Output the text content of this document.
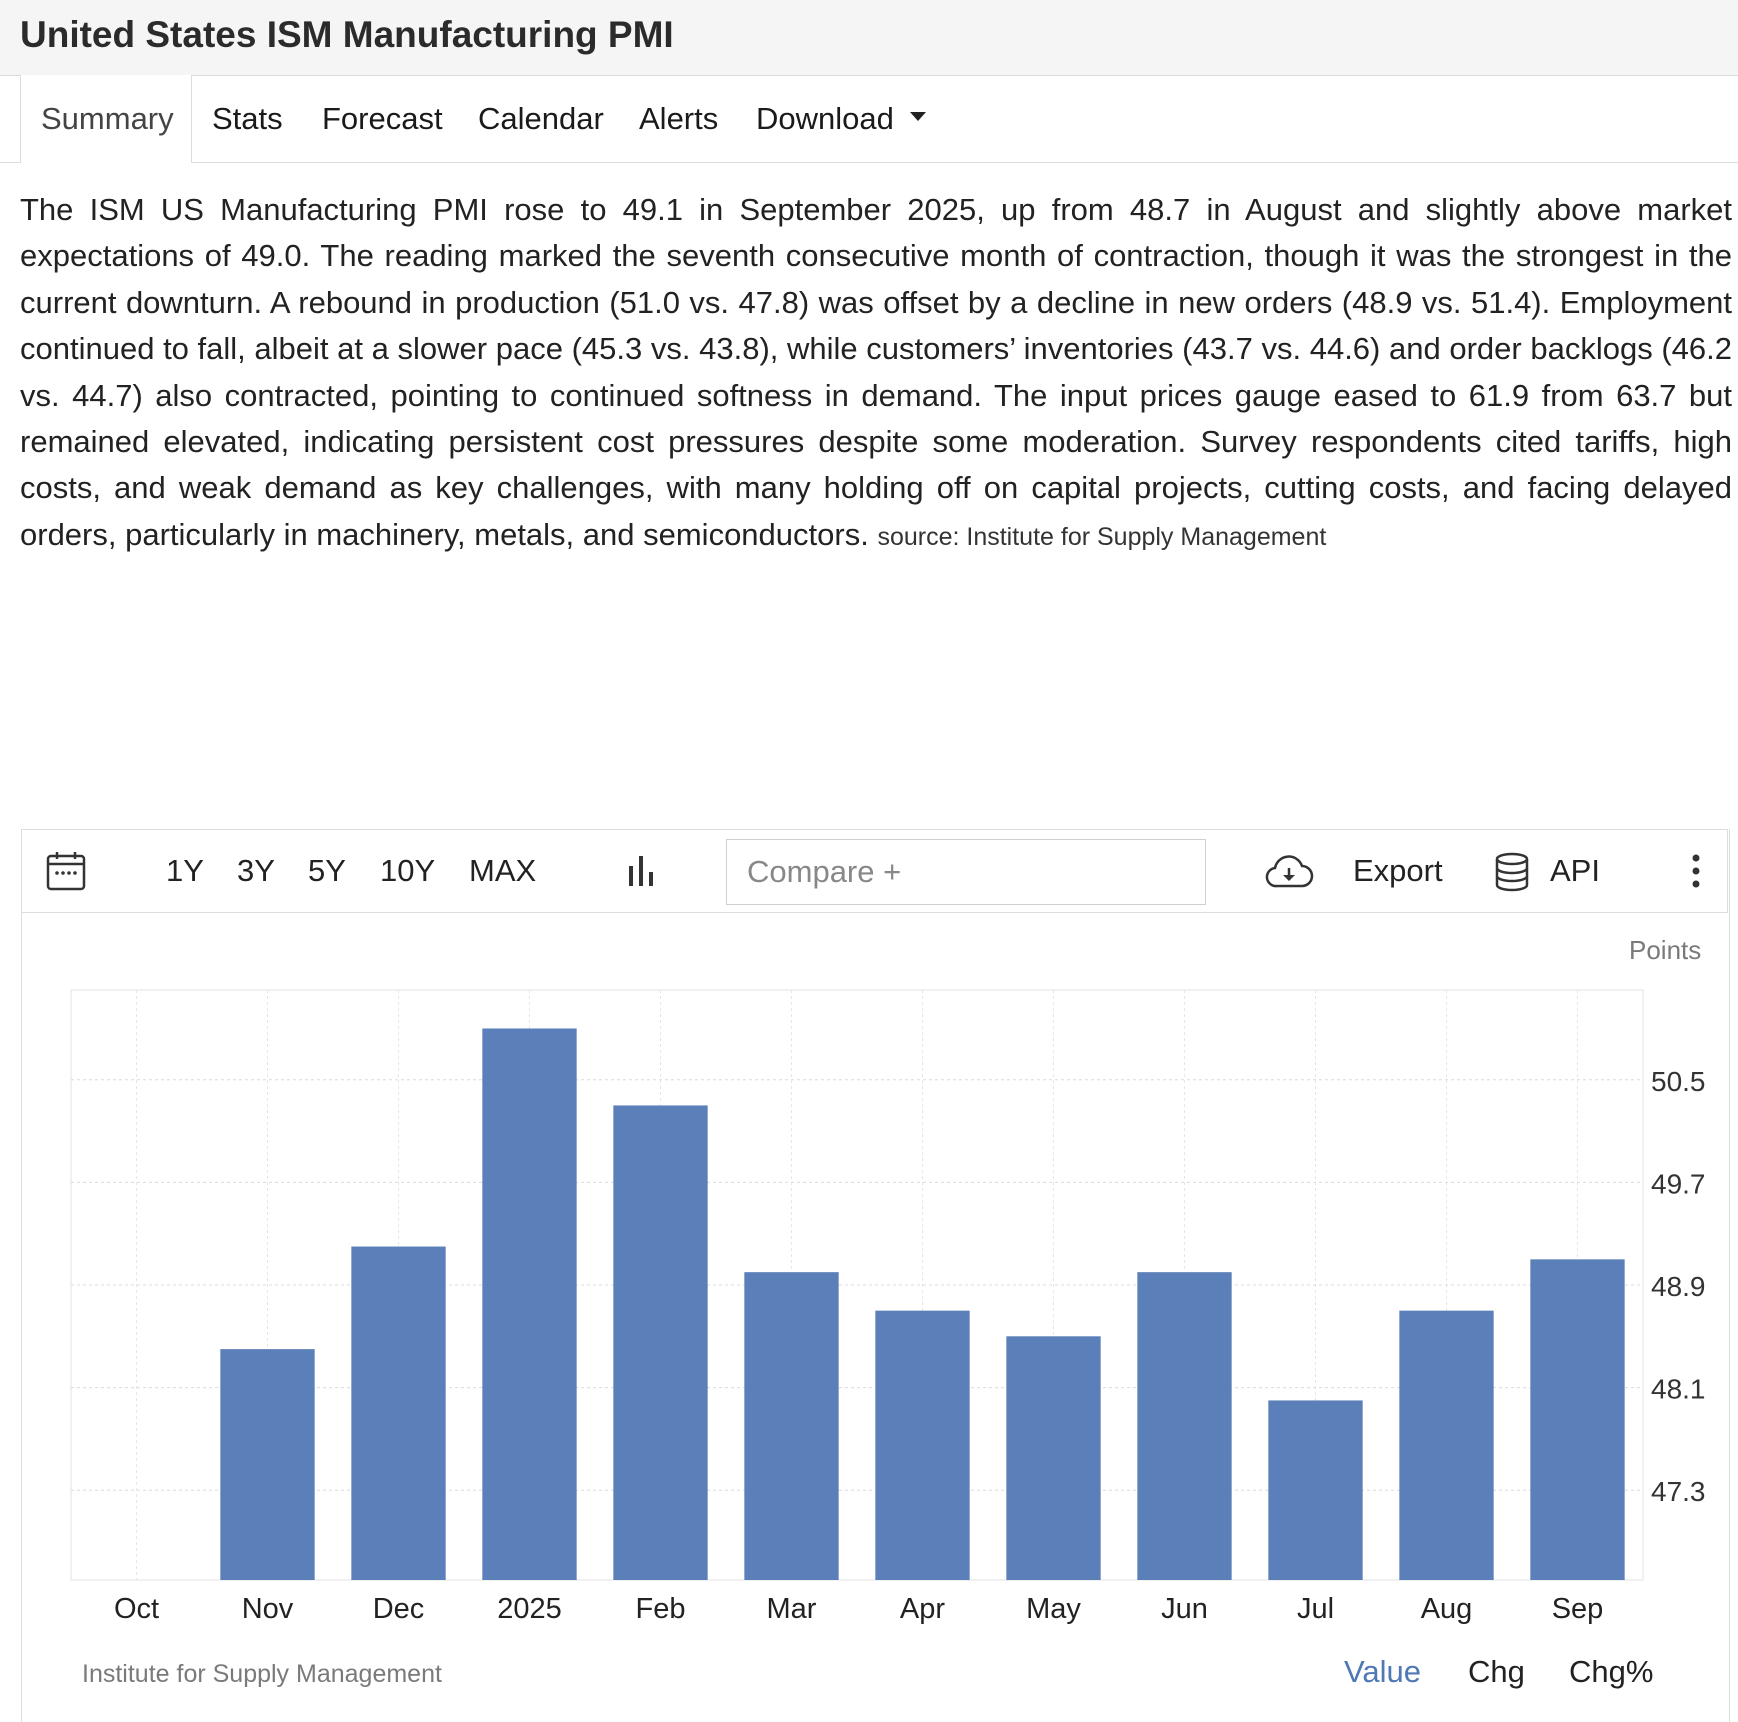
United States ISM Manufacturing PMI
Summary	Stats Forecast Calendar Alerts Download

The ISM US Manufacturing PMI rose to 49.1 in September 2025, up from 48.7 in August and slightly above market expectations of 49.0. The reading marked the seventh consecutive month of contraction, though it was the strongest in the current downturn. A rebound in production (51.0 vs. 47.8) was offset by a decline in new orders (48.9 vs. 51.4). Employment continued to fall, albeit at a slower pace (45.3 vs. 43.8), while customers’ inventories (43.7 vs. 44.6) and order backlogs (46.2 vs. 44.7) also contracted, pointing to continued softness in demand. The input prices gauge eased to 61.9 from 63.7 but remained elevated, indicating persistent cost pressures despite some moderation. Survey respondents cited tariffs, high costs, and weak demand as key challenges, with many holding off on capital projects, cutting costs, and facing delayed orders, particularly in machinery, metals, and semiconductors. source: Institute for Supply Management

1Y 3Y 5Y 10Y MAX
Compare +	Export	API
Points
47.3
48.1
48.9
49.7
50.5
Oct	Nov	Dec	2025	Feb	Mar	Apr	May	Jun	Jul	Aug	Sep
Institute for Supply Management	Value Chg Chg%
